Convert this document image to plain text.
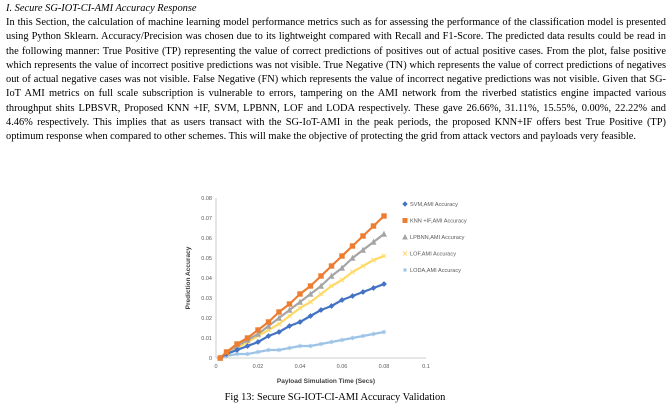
I. Secure SG-IOT-CI-AMI Accuracy Response

In this Section, the calculation of machine learning model performance metrics such as for assessing the performance of the classification model is presented using Python Sklearn. Accuracy/Precision was chosen due to its lightweight compared with Recall and F1-Score. The predicted data results could be read in the following manner: True Positive (TP) representing the value of correct predictions of positives out of actual positive cases. From the plot, false positive which represents the value of incorrect positive predictions was not visible. True Negative (TN) which represents the value of correct predictions of negatives out of actual negative cases was not visible. False Negative (FN) which represents the value of incorrect negative predictions was not visible. Given that SG-IoT AMI metrics on full scale subscription is vulnerable to errors, tampering on the AMI network from the riverbed statistics engine impacted various throughput shits LPBSVR, Proposed KNN +IF, SVM, LPBNN, LOF and LODA respectively. These gave 26.66%, 31.11%, 15.55%, 0.00%, 22.22% and 4.46% respectively. This implies that as users transact with the SG-IoT-AMI in the peak periods, the proposed KNN+IF offers best True Positive (TP) optimum response when compared to other schemes. This will make the objective of protecting the grid from attack vectors and payloads very feasible.

0
0.01
0.02
0.03
0.04
0.05
0.06
0.07
0.08
0	0.02	0.04	0.06	0.08	0.1
Prediction Accuracy
Payload Simulation Time (Secs)
SVM,AMI Accuracy
KNN +IF,AMI Accuracy
LPBNN,AMI Accuracy
LOF,AMI Accuracy
LODA,AMI Accuracy
Fig 13: Secure SG-IOT-CI-AMI Accuracy Validation
